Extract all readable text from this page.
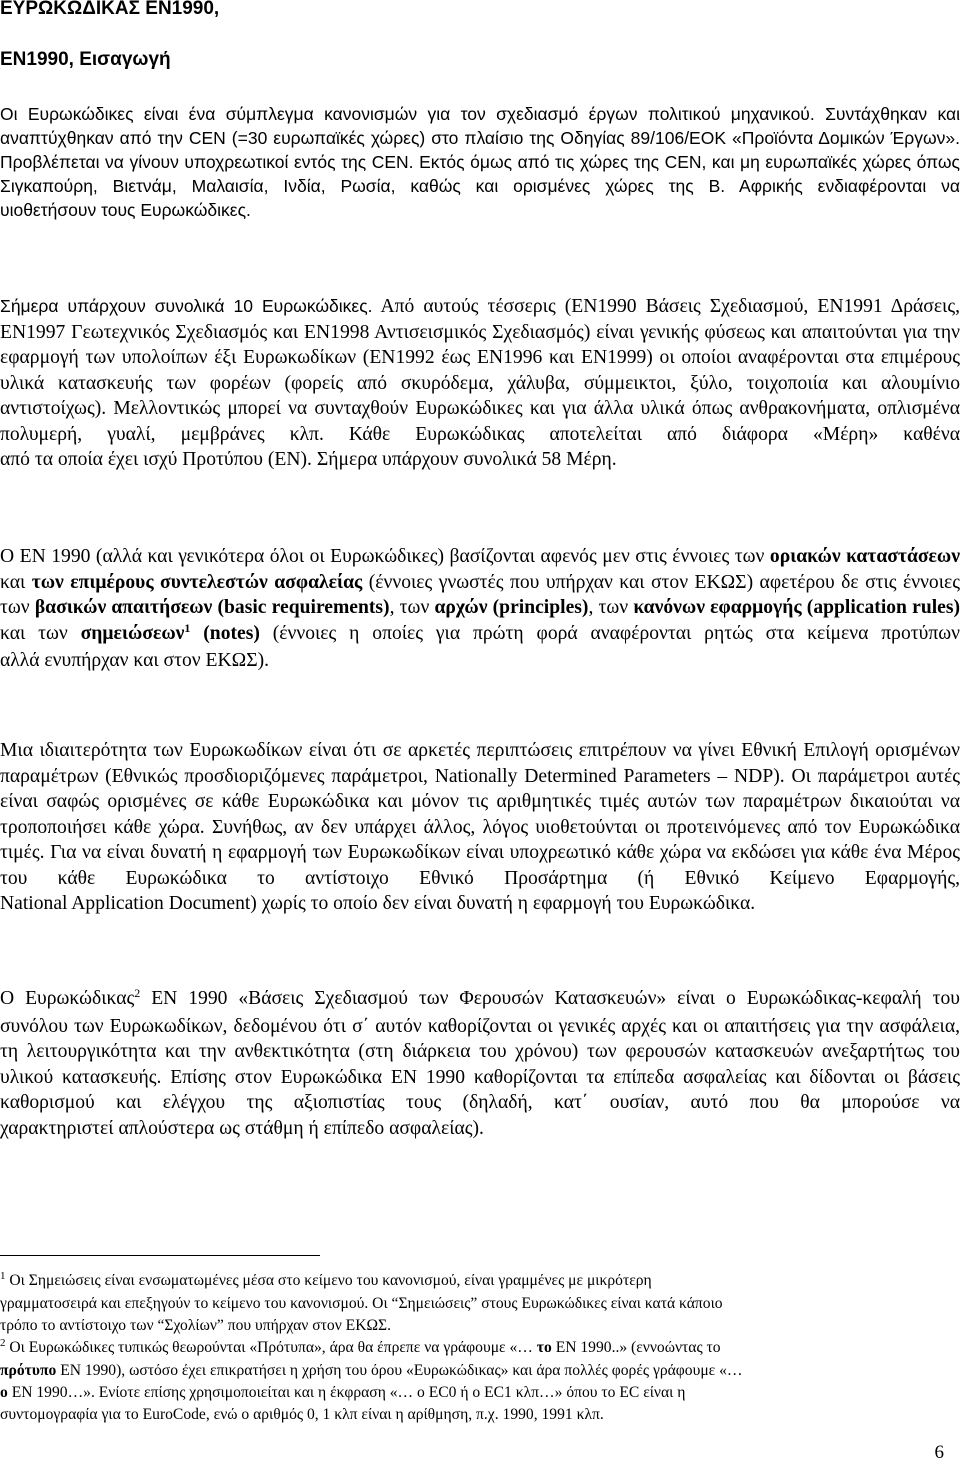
ΕΥΡΩΚΩΔΙΚΑΣ ΕΝ1990,
ΕΝ1990, Εισαγωγή
Οι Ευρωκώδικες είναι ένα σύμπλεγμα κανονισμών για τον σχεδιασμό έργων πολιτικού μηχανικού. Συντάχθηκαν και αναπτύχθηκαν από την CEN (=30 ευρωπαϊκές χώρες) στο πλαίσιο της Οδηγίας 89/106/ΕΟΚ «Προϊόντα Δομικών Έργων». Προβλέπεται να γίνουν υποχρεωτικοί εντός της CEN. Εκτός όμως από τις χώρες της CEN, και μη ευρωπαϊκές χώρες όπως Σιγκαπούρη, Βιετνάμ, Μαλαισία, Ινδία, Ρωσία, καθώς και ορισμένες χώρες της Β. Αφρικής ενδιαφέρονται να υιοθετήσουν τους Ευρωκώδικες.
Σήμερα υπάρχουν συνολικά 10 Ευρωκώδικες. Από αυτούς τέσσερις (ΕΝ1990 Βάσεις Σχεδιασμού, ΕΝ1991 Δράσεις, ΕΝ1997 Γεωτεχνικός Σχεδιασμός και ΕΝ1998 Αντισεισμικός Σχεδιασμός) είναι γενικής φύσεως και απαιτούνται για την εφαρμογή των υπολοίπων έξι Ευρωκωδίκων (ΕΝ1992 έως ΕΝ1996 και ΕΝ1999) οι οποίοι αναφέρονται στα επιμέρους υλικά κατασκευής των φορέων (φορείς από σκυρόδεμα, χάλυβα, σύμμεικτοι, ξύλο, τοιχοποιία και αλουμίνιο αντιστοίχως). Μελλοντικώς μπορεί να συνταχθούν Ευρωκώδικες και για άλλα υλικά όπως ανθρακονήματα, οπλισμένα πολυμερή, γυαλί, μεμβράνες κλπ. Κάθε Ευρωκώδικας αποτελείται από διάφορα «Μέρη» καθένα από τα οποία έχει ισχύ Προτύπου (ΕΝ). Σήμερα υπάρχουν συνολικά 58 Μέρη.
Ο ΕΝ 1990 (αλλά και γενικότερα όλοι οι Ευρωκώδικες) βασίζονται αφενός μεν στις έννοιες των οριακών καταστάσεων και των επιμέρους συντελεστών ασφαλείας (έννοιες γνωστές που υπήρχαν και στον ΕΚΩΣ) αφετέρου δε στις έννοιες των βασικών απαιτήσεων (basic requirements), των αρχών (principles), των κανόνων εφαρμογής (application rules) και των σημειώσεων$^1$ (notes) (έννοιες η οποίες για πρώτη φορά αναφέρονται ρητώς στα κείμενα προτύπων αλλά ενυπήρχαν και στον ΕΚΩΣ).
Μια ιδιαιτερότητα των Ευρωκωδίκων είναι ότι σε αρκετές περιπτώσεις επιτρέπουν να γίνει Εθνική Επιλογή ορισμένων παραμέτρων (Εθνικώς προσδιοριζόμενες παράμετροι, Nationally Determined Parameters – NDP). Οι παράμετροι αυτές είναι σαφώς ορισμένες σε κάθε Ευρωκώδικα και μόνον τις αριθμητικές τιμές αυτών των παραμέτρων δικαιούται να τροποποιήσει κάθε χώρα. Συνήθως, αν δεν υπάρχει άλλος, λόγος υιοθετούνται οι προτεινόμενες από τον Ευρωκώδικα τιμές. Για να είναι δυνατή η εφαρμογή των Ευρωκωδίκων είναι υποχρεωτικό κάθε χώρα να εκδώσει για κάθε ένα Μέρος του κάθε Ευρωκώδικα το αντίστοιχο Εθνικό Προσάρτημα (ή Εθνικό Κείμενο Εφαρμογής, National Application Document) χωρίς το οποίο δεν είναι δυνατή η εφαρμογή του Ευρωκώδικα.
Ο Ευρωκώδικας$^2$ ΕΝ 1990 «Βάσεις Σχεδιασμού των Φερουσών Κατασκευών» είναι ο Ευρωκώδικας-κεφαλή του συνόλου των Ευρωκωδίκων, δεδομένου ότι σ΄ αυτόν καθορίζονται οι γενικές αρχές και οι απαιτήσεις για την ασφάλεια, τη λειτουργικότητα και την ανθεκτικότητα (στη διάρκεια του χρόνου) των φερουσών κατασκευών ανεξαρτήτως του υλικού κατασκευής. Επίσης στον Ευρωκώδικα ΕΝ 1990 καθορίζονται τα επίπεδα ασφαλείας και δίδονται οι βάσεις καθορισμού και ελέγχου της αξιοπιστίας τους (δηλαδή, κατ΄ ουσίαν, αυτό που θα μπορούσε να χαρακτηριστεί απλούστερα ως στάθμη ή επίπεδο ασφαλείας).
$^1$ Οι Σημειώσεις είναι ενσωματωμένες μέσα στο κείμενο του κανονισμού, είναι γραμμένες με μικρότερη
γραμματοσειρά και επεξηγούν το κείμενο του κανονισμού. Οι “Σημειώσεις” στους Ευρωκώδικες είναι κατά κάποιο
τρόπο το αντίστοιχο των “Σχολίων” που υπήρχαν στον ΕΚΩΣ.
$^2$ Οι Ευρωκώδικες τυπικώς θεωρούνται «Πρότυπα», άρα θα έπρεπε να γράφουμε «… το ΕΝ 1990..» (εννοώντας το
πρότυπο ΕΝ 1990), ωστόσο έχει επικρατήσει η χρήση του όρου «Ευρωκώδικας» και άρα πολλές φορές γράφουμε «…
ο ΕΝ 1990…». Ενίοτε επίσης χρησιμοποιείται και η έκφραση «… ο ΕC0 ή ο ΕC1 κλπ…» όπου το ΕC είναι η
συντομογραφία για το EuroCode, ενώ ο αριθμός 0, 1 κλπ είναι η αρίθμηση, π.χ. 1990, 1991 κλπ.
6
